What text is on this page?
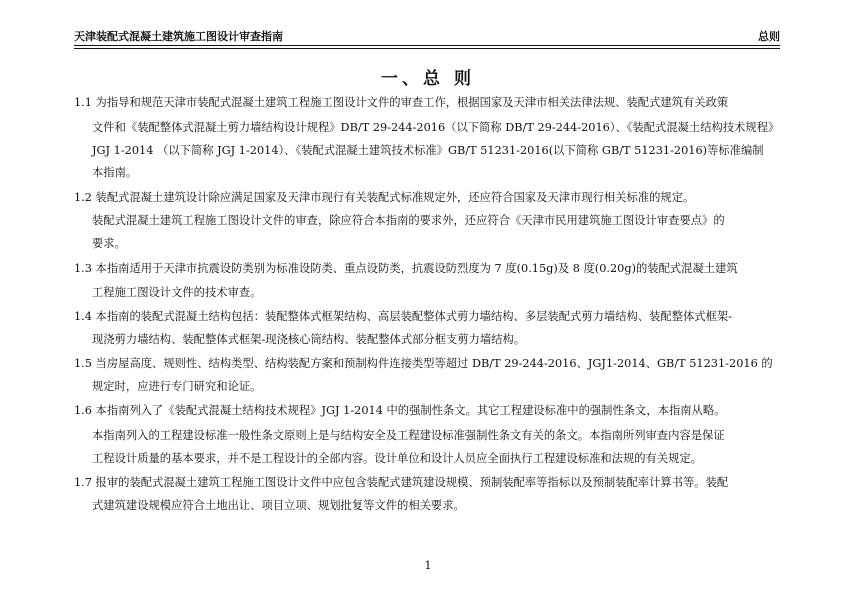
天津装配式混凝土建筑施工图设计审查指南	总则
一、总 则
1.1 为指导和规范天津市装配式混凝土建筑工程施工图设计文件的审查工作，根据国家及天津市相关法律法规、装配式建筑有关政策
文件和《装配整体式混凝土剪力墙结构设计规程》DB/T 29-244-2016（以下简称 DB/T 29-244-2016）、《装配式混凝土结构技术规程》
JGJ 1-2014 （以下简称 JGJ 1-2014）、《装配式混凝土建筑技术标准》GB/T 51231-2016(以下简称 GB/T 51231-2016)等标准编制
本指南。
1.2 装配式混凝土建筑设计除应满足国家及天津市现行有关装配式标准规定外，还应符合国家及天津市现行相关标准的规定。
装配式混凝土建筑工程施工图设计文件的审查，除应符合本指南的要求外，还应符合《天津市民用建筑施工图设计审查要点》的
要求。
1.3 本指南适用于天津市抗震设防类别为标准设防类、重点设防类，抗震设防烈度为 7 度(0.15g)及 8 度(0.20g)的装配式混凝土建筑
工程施工图设计文件的技术审查。
1.4 本指南的装配式混凝土结构包括：装配整体式框架结构、高层装配整体式剪力墙结构、多层装配式剪力墙结构、装配整体式框架-
现浇剪力墙结构、装配整体式框架-现浇核心筒结构、装配整体式部分框支剪力墙结构。
1.5 当房屋高度、规则性、结构类型、结构装配方案和预制构件连接类型等超过 DB/T 29-244-2016、JGJ1-2014、GB/T 51231-2016 的
规定时，应进行专门研究和论证。
1.6 本指南列入了《装配式混凝土结构技术规程》JGJ 1-2014 中的强制性条文。其它工程建设标准中的强制性条文，本指南从略。
本指南列入的工程建设标准一般性条文原则上是与结构安全及工程建设标准强制性条文有关的条文。本指南所列审查内容是保证
工程设计质量的基本要求，并不是工程设计的全部内容。设计单位和设计人员应全面执行工程建设标准和法规的有关规定。
1.7 报审的装配式混凝土建筑工程施工图设计文件中应包含装配式建筑建设规模、预制装配率等指标以及预制装配率计算书等。装配
式建筑建设规模应符合土地出让、项目立项、规划批复等文件的相关要求。
1
